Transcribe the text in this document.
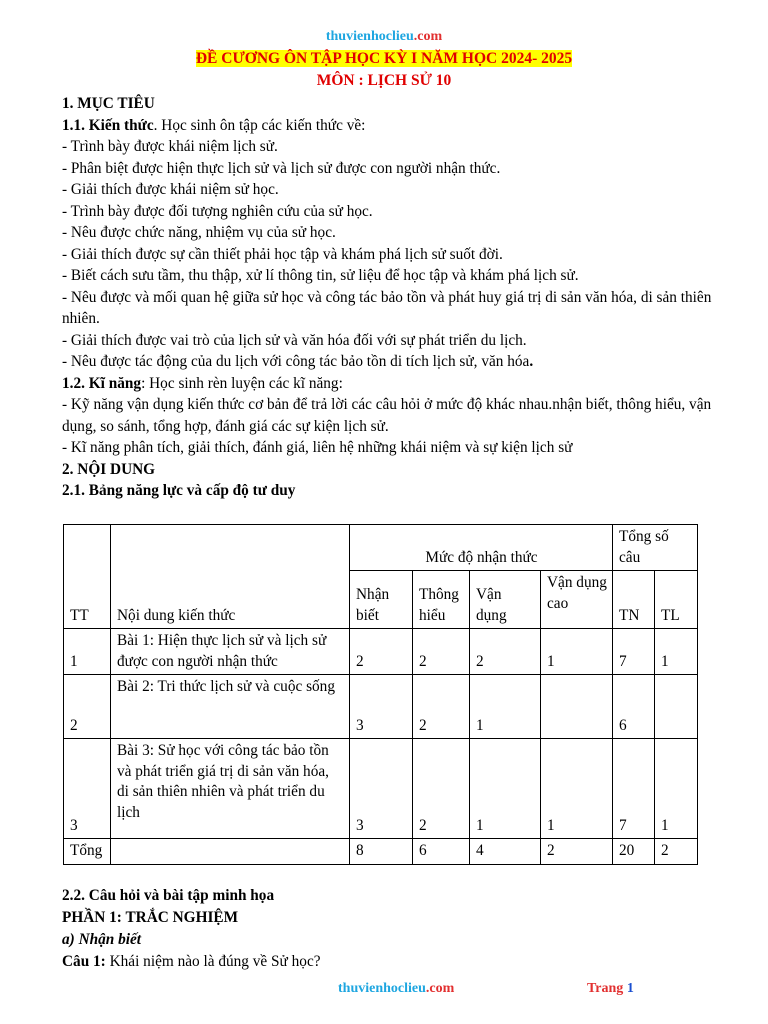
thuvienhoclieu.com
ĐỀ CƯƠNG ÔN TẬP HỌC KỲ I NĂM HỌC 2024- 2025
MÔN : LỊCH SỬ 10

1. MỤC TIÊU

1.1. Kiến thức. Học sinh ôn tập các kiến thức về:

- Trình bày được khái niệm lịch sử.

- Phân biệt được hiện thực lịch sử và lịch sử được con người nhận thức.

- Giải thích được khái niệm sử học.

- Trình bày được đối tượng nghiên cứu của sử học.

- Nêu được chức năng, nhiệm vụ của sử học.

- Giải thích được sự cần thiết phải học tập và khám phá lịch sử suốt đời.

- Biết cách sưu tầm, thu thập, xử lí thông tin, sử liệu để học tập và khám phá lịch sử.

- Nêu được và mối quan hệ giữa sử học và công tác bảo tồn và phát huy giá trị di sản văn hóa, di sản thiên nhiên.

- Giải thích được vai trò của lịch sử và văn hóa đối với sự phát triển du lịch.

- Nêu được tác động của du lịch với công tác bảo tồn di tích lịch sử, văn hóa.

1.2. Kĩ năng: Học sinh rèn luyện các kĩ năng:

- Kỹ năng vận dụng kiến thức cơ bản để trả lời các câu hỏi ở mức độ khác nhau.nhận biết, thông hiểu, vận dụng, so sánh, tổng hợp, đánh giá các sự kiện lịch sử.

- Kĩ năng phân tích, giải thích, đánh giá, liên hệ những khái niệm và sự kiện lịch sử

2. NỘI DUNG

2.1. Bảng năng lực và cấp độ tư duy

TT	Nội dung kiến thức	Mức độ nhận thức				Tổng số câu	
		Nhận biết	Thông hiểu	Vận dụng	Vận dụng cao	TN	TL
1	Bài 1: Hiện thực lịch sử và lịch sử được con người nhận thức	2	2	2	1	7	1
2	Bài 2: Tri thức lịch sử và cuộc sống	3	2	1		6	
3	Bài 3: Sử học với công tác bảo tồn và phát triển giá trị di sản văn hóa, di sản thiên nhiên và phát triển du lịch	3	2	1	1	7	1
Tổng		8	6	4	2	20	2

2.2. Câu hỏi và bài tập minh họa

PHẦN 1: TRẮC NGHIỆM

a) Nhận biết

Câu 1: Khái niệm nào là đúng về Sử học?

thuvienhoclieu.com	Trang 1
